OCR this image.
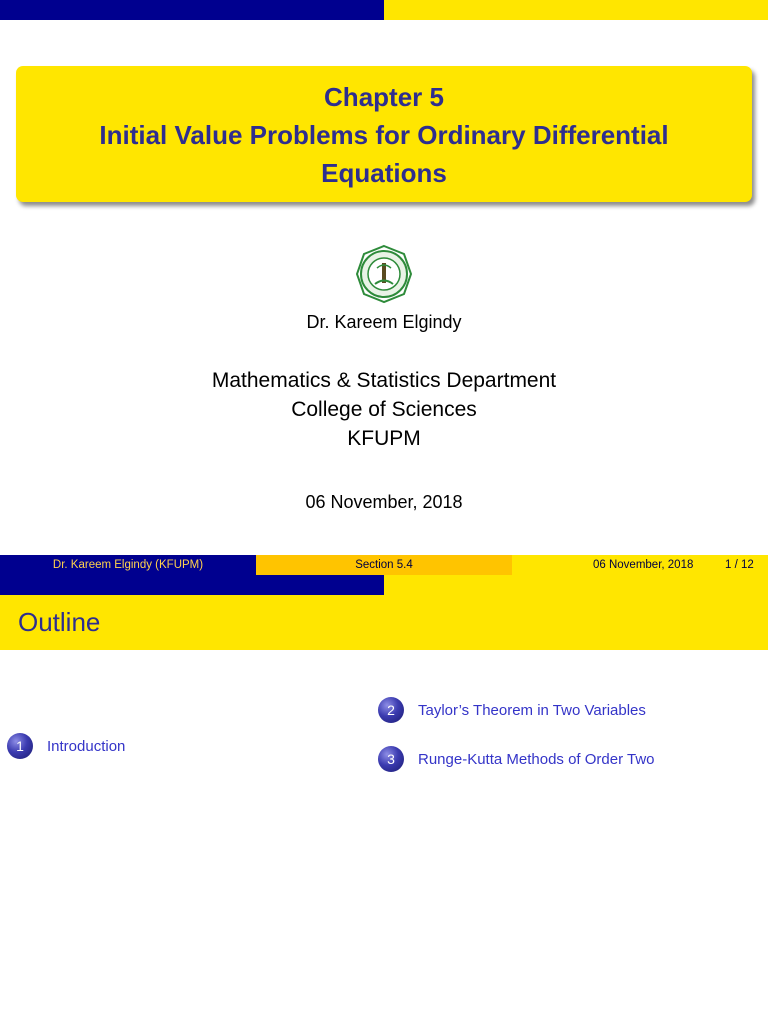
Chapter 5
Initial Value Problems for Ordinary Differential
Equations
Dr. Kareem Elgindy
Mathematics & Statistics Department
College of Sciences
KFUPM
06 November, 2018
Dr. Kareem Elgindy (KFUPM)	Section 5.4	06 November, 2018	1 / 12
Outline
1	Introduction
2	Taylor’s Theorem in Two Variables
3	Runge-Kutta Methods of Order Two
